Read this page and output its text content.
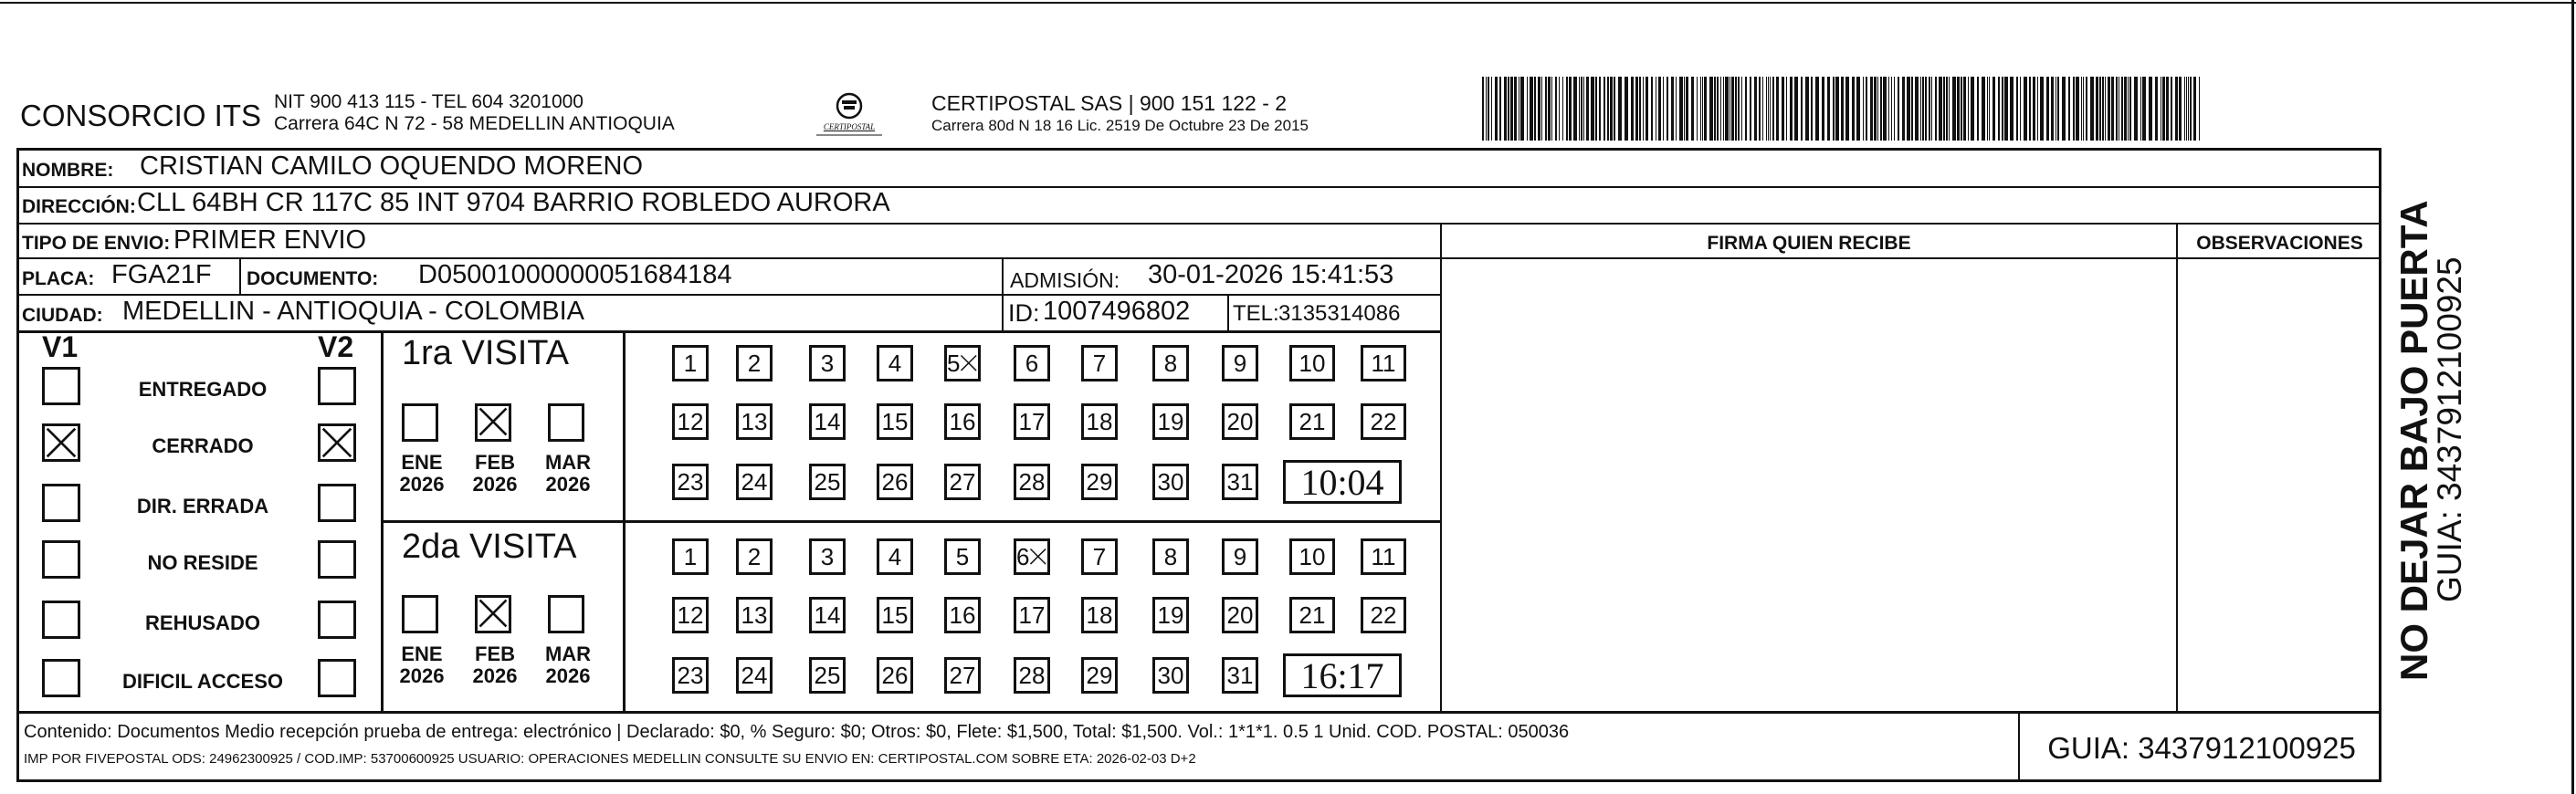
CONSORCIO ITS NIT 900 413 115 - TEL 604 3201000
Carrera 64C N 72 - 58 MEDELLIN ANTIOQUIA	CERTIPOSTAL
CERTIPOSTAL SAS | 900 151 122 - 2
Carrera 80d N 18 16 Lic. 2519 De Octubre 23 De 2015
NOMBRE: CRISTIAN CAMILO OQUENDO MORENO
DIRECCIÓN: CLL 64BH CR 117C 85 INT 9704 BARRIO ROBLEDO AURORA
TIPO DE ENVIO: PRIMER ENVIO	FIRMA QUIEN RECIBE	OBSERVACIONES
PLACA: FGA21F DOCUMENTO: D05001000000051684184	ADMISIÓN: 30-01-2026 15:41:53
CIUDAD: MEDELLIN - ANTIOQUIA - COLOMBIA	ID: 1007496802 TEL: 3135314086
V1	V2
ENTREGADO
CERRADO
DIR. ERRADA
NO RESIDE
REHUSADO
DIFICIL ACCESO
1ra VISITA
ENE
2026
FEB
2026
MAR
2026
1	2	3	4	5	6	7	8	9	10	11
12 13 14 15 16 17 18 19 20	21	22
23 24 25 26 27 28 29 30 31	10:04
2da VISITA
ENE
2026
FEB
2026
MAR
2026
1	2	3	4	5	6	7	8	9	10	11
12 13 14 15 16 17 18 19 20	21	22
23 24 25 26 27 28 29 30 31	16:17
Contenido: Documentos Medio recepción prueba de entrega: electrónico | Declarado: $0, % Seguro: $0; Otros: $0, Flete: $1,500, Total: $1,500. Vol.: 1*1*1. 0.5 1 Unid. COD. POSTAL: 050036
IMP POR FIVEPOSTAL ODS: 24962300925 / COD.IMP: 53700600925 USUARIO: OPERACIONES MEDELLIN CONSULTE SU ENVIO EN: CERTIPOSTAL.COM SOBRE ETA: 2026-02-03 D+2	GUIA: 3437912100925
NO DEJAR BAJO PUERTA
GUIA: 3437912100925
